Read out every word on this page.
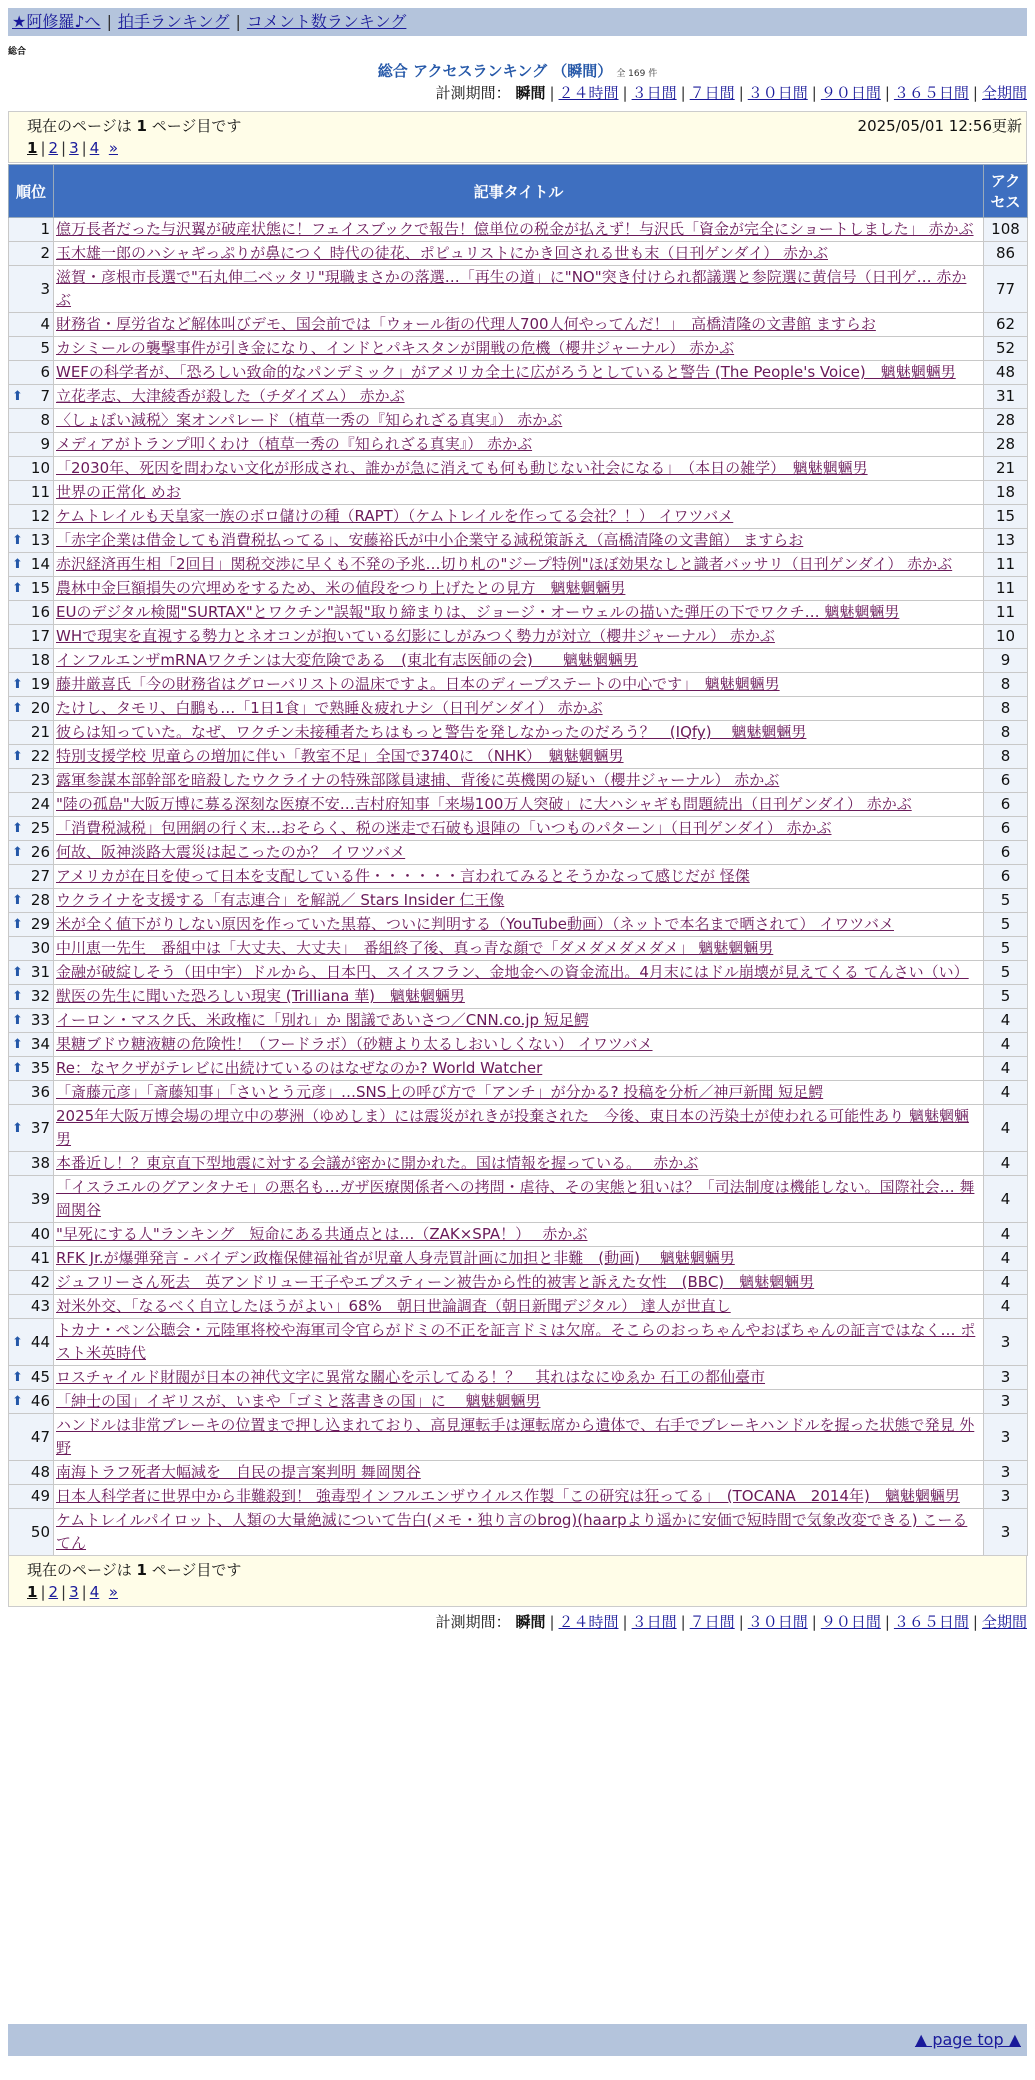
★阿修羅♪へ | 拍手ランキング | コメント数ランキング
総合
総合 アクセスランキング （瞬間） 全 169 件
計測期間： 瞬間 | ２４時間 | ３日間 | ７日間 | ３０日間 | ９０日間 | ３６５日間 | 全期間
現在のページは 1 ページ目です	2025/05/01 12:56更新
1 | 2 | 3 | 4 »
順位	記事タイトル	アクセス
1	億万長者だった与沢翼が破産状態に！フェイスブックで報告！億単位の税金が払えず！与沢氏「資金が完全にショートしました」 赤かぶ	108
2	玉木雄一郎のハシャギっぷりが鼻につく 時代の徒花、ポピュリストにかき回される世も末（日刊ゲンダイ） 赤かぶ	86
3	滋賀・彦根市長選で"石丸伸二ベッタリ"現職まさかの落選…「再生の道」に"NO"突き付けられ都議選と参院選に黄信号（日刊ゲ… 赤かぶ	77
4	財務省・厚労省など解体叫びデモ、国会前では「ウォール街の代理人700人何やってんだ！」　高橋清隆の文書館 ますらお	62
5	カシミールの襲撃事件が引き金になり、インドとパキスタンが開戦の危機（櫻井ジャーナル） 赤かぶ	52
6	WEFの科学者が、「恐ろしい致命的なパンデミック」がアメリカ全土に広がろうとしていると警告 (The People's Voice)　魑魅魍魎男	48

⬆ 7	立花孝志、大津綾香が殺した（チダイズム） 赤かぶ	31
8	〈しょぼい減税〉案オンパレード（植草一秀の『知られざる真実』） 赤かぶ	28
9	メディアがトランプ叩くわけ（植草一秀の『知られざる真実』） 赤かぶ	28
10	「2030年、死因を問わない文化が形成され、誰かが急に消えても何も動じない社会になる」　（本日の雑学）　魑魅魍魎男	21
11	世界の正常化 めお	18
12	ケムトレイルも天皇家一族のボロ儲けの種（RAPT）（ケムトレイルを作ってる会社？！） イワツバメ	15

⬆ 13	「赤字企業は借金しても消費税払ってる」、安藤裕氏が中小企業守る減税策訴え（高橋清隆の文書館） ますらお	13

⬆ 14	赤沢経済再生相「2回目」関税交渉に早くも不発の予兆…切り札の"ジープ特例"ほぼ効果なしと識者バッサリ（日刊ゲンダイ） 赤かぶ	11

⬆ 15	農林中金巨額損失の穴埋めをするため、米の値段をつり上げたとの見方　魑魅魍魎男	11
16	EUのデジタル検閲"SURTAX"とワクチン"誤報"取り締まりは、ジョージ・オーウェルの描いた弾圧の下でワクチ… 魑魅魍魎男	11
17	WHで現実を直視する勢力とネオコンが抱いている幻影にしがみつく勢力が対立（櫻井ジャーナル） 赤かぶ	10
18	インフルエンザmRNAワクチンは大変危険である　(東北有志医師の会)　　魑魅魍魎男	9

⬆ 19	藤井厳喜氏「今の財務省はグローバリストの温床ですよ。日本のディープステートの中心です」　魑魅魍魎男	8

⬆ 20	たけし、タモリ、白鵬も…「1日1食」で熟睡＆疲れナシ（日刊ゲンダイ） 赤かぶ	8
21	彼らは知っていた。なぜ、ワクチン未接種者たちはもっと警告を発しなかったのだろう？　(IQfy)　 魑魅魍魎男	8

⬆ 22	特別支援学校 児童らの増加に伴い「教室不足」全国で3740に （NHK）　魑魅魍魎男	8
23	露軍参謀本部幹部を暗殺したウクライナの特殊部隊員逮捕、背後に英機関の疑い（櫻井ジャーナル） 赤かぶ	6
24	"陸の孤島"大阪万博に募る深刻な医療不安…吉村府知事「来場100万人突破」に大ハシャギも問題続出（日刊ゲンダイ） 赤かぶ	6

⬆ 25	「消費税減税」包囲網の行く末…おそらく、税の迷走で石破も退陣の「いつものパターン」（日刊ゲンダイ） 赤かぶ	6

⬆ 26	何故、阪神淡路大震災は起こったのか？ イワツバメ	6
27	アメリカが在日を使って日本を支配している件・・・・・・言われてみるとそうかなって感じだが 怪傑	6

⬆ 28	ウクライナを支援する「有志連合」を解説／ Stars Insider 仁王像	5

⬆ 29	米が全く値下がりしない原因を作っていた黒幕、ついに判明する（YouTube動画）（ネットで本名まで晒されて） イワツバメ	5
30	中川恵一先生　番組中は「大丈夫、大丈夫」　番組終了後、真っ青な顔で「ダメダメダメダメ」 魑魅魍魎男	5

⬆ 31	金融が破綻しそう（田中宇）ドルから、日本円、スイスフラン、金地金への資金流出。4月末にはドル崩壊が見えてくる てんさい（い）	5

⬆ 32	獣医の先生に聞いた恐ろしい現実 (Trilliana 華)　魑魅魍魎男	5

⬆ 33	イーロン・マスク氏、米政権に「別れ」か 閣議であいさつ／CNN.co.jp 短足鰐	4

⬆ 34	果糖ブドウ糖液糖の危険性！（フードラボ）（砂糖より太るしおいしくない） イワツバメ	4

⬆ 35	Re：なヤクザがテレビに出続けているのはなぜなのか? World Watcher	4
36	「斎藤元彦」「斎藤知事」「さいとう元彦」…SNS上の呼び方で「アンチ」が分かる? 投稿を分析／神戸新聞 短足鰐	4

⬆ 37	2025年大阪万博会場の埋立中の夢洲（ゆめしま）には震災がれきが投棄された　今後、東日本の汚染土が使われる可能性あり 魑魅魍魎男	4
38	本番近し！？東京直下型地震に対する会議が密かに開かれた。国は情報を握っている。　 赤かぶ	4
39	「イスラエルのグアンタナモ」の悪名も…ガザ医療関係者への拷問・虐待、その実態と狙いは？「司法制度は機能しない。国際社会… 舞岡関谷	4
40	"早死にする人"ランキング　短命にある共通点とは…（ZAK×SPA！）　 赤かぶ	4
41	RFK Jr.が爆弾発言 - バイデン政権保健福祉省が児童人身売買計画に加担と非難　(動画)　 魑魅魍魎男	4
42	ジュフリーさん死去　英アンドリュー王子やエプスティーン被告から性的被害と訴えた女性　(BBC)　魑魅魍魎男	4
43	対米外交、「なるべく自立したほうがよい」68%　朝日世論調査（朝日新聞デジタル） 達人が世直し	4

⬆ 44	トカナ・ペン公聴会・元陸軍将校や海軍司令官らがドミの不正を証言ドミは欠席。そこらのおっちゃんやおばちゃんの証言ではなく… ポスト米英時代	3

⬆ 45	ロスチャイルド財閥が日本の神代文字に異常な關心を示してゐる！？　其れはなにゆゑか 石工の都仙臺市	3

⬆ 46	「紳士の国」イギリスが、いまや「ゴミと落書きの国」に　 魑魅魍魎男	3
47	ハンドルは非常ブレーキの位置まで押し込まれており、高見運転手は運転席から遺体で、右手でブレーキハンドルを握った状態で発見 外野	3
48	南海トラフ死者大幅減を　自民の提言案判明 舞岡関谷	3
49	日本人科学者に世界中から非難殺到！ 強毒型インフルエンザウイルス作製「この研究は狂ってる」　(TOCANA　2014年)　魑魅魍魎男	3
50	ケムトレイルパイロット、人類の大量絶滅について告白(メモ・独り言のbrog)(haarpより遥かに安価で短時間で気象改変できる) こーるてん	3
現在のページは 1 ページ目です
1 | 2 | 3 | 4 »
計測期間： 瞬間 | ２４時間 | ３日間 | ７日間 | ３０日間 | ９０日間 | ３６５日間 | 全期間
▲ page top ▲
